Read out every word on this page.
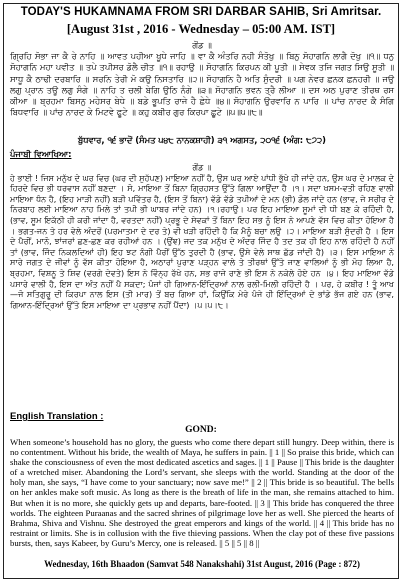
TODAY'S HUKAMNAMA FROM SRI DARBAR SAHIB, Sri Amritsar.
[August 31st , 2016 - Wednesday – 05:00 AM. IST]
ਗੋਂਡ ॥
ਗ੍ਰਿਹਿ ਸੋਭਾ ਜਾ ਕੈ ਰੇ ਨਾਹਿ ॥ ਆਵਤ ਪਹੀਆ ਖੂਧੇ ਜਾਹਿ ॥ ਵਾ ਕੈ ਅੰਤਰਿ ਨਹੀ ਸੰਤੋਖੁ ॥ ਬਿਨੁ ਸੋਹਾਗਨਿ ਲਾਗੈ ਦੋਖੁ ॥੧॥ ਧਨੁ ਸੋਹਾਗਨਿ ਮਹਾ ਪਵੀਤ ॥ ਤਪੇ ਤਪੀਸਰ ਡੋਲੈ ਚੀਤ ॥੧॥ ਰਹਾਉ ॥ ਸੋਹਾਗਨਿ ਕਿਰਪਨ ਕੀ ਪੂਤੀ ॥ ਸੇਵਕ ਤਜਿ ਜਗਤ ਸਿਉ ਸੂਤੀ ॥ ਸਾਧੂ ਕੈ ਠਾਢੀ ਦਰਬਾਰਿ ॥ ਸਰਨਿ ਤੇਰੀ ਮੋ ਕਉ ਨਿਸਤਾਰਿ ॥੨॥ ਸੋਹਾਗਨਿ ਹੈ ਅਤਿ ਸੁੰਦਰੀ ॥ ਪਗ ਨੇਵਰ ਛਨਕ ਛਨਹਰੀ ॥ ਜਉ ਲਗੁ ਪ੍ਰਾਨ ਤਊ ਲਗੁ ਸੰਗੇ ॥ ਨਾਹਿ ਤ ਚਲੀ ਬੇਗਿ ਉਠਿ ਨੰਗੇ ॥੩॥ ਸੋਹਾਗਨਿ ਭਵਨ ਤ੍ਰੈ ਲੀਆ ॥ ਦਸ ਅਠ ਪੁਰਾਣ ਤੀਰਥ ਰਸ ਕੀਆ ॥ ਬ੍ਰਹਮਾ ਬਿਸਨੁ ਮਹੇਸਰ ਬੇਧੇ ॥ ਬਡੇ ਭੂਪਤਿ ਰਾਜੇ ਹੈ ਛੇਧੇ ॥੪॥ ਸੋਹਾਗਨਿ ਉਰਵਾਰਿ ਨ ਪਾਰਿ ॥ ਪਾਂਚ ਨਾਰਦ ਕੈ ਸੰਗਿ ਬਿਧਵਾਰਿ ॥ ਪਾਂਚ ਨਾਰਦ ਕੇ ਮਿਟਵੇ ਫੂਟੇ ॥ ਕਹੁ ਕਬੀਰ ਗੁਰ ਕਿਰਪਾ ਛੂਟੇ ॥੫॥੫॥੮॥
ਬੁੱਧਵਾਰ, ੧੬ ਭਾਦੋਂ (ਸੰਮਤ ੫੪੮ ਨਾਨਕਸ਼ਾਹੀ) ੩੧ ਅਗਸਤ, ੨੦੧੬ (ਅੰਗ: ੮੭੨)
ਪੰਜਾਬੀ ਵਿਆਖਿਆ:
ਗੋਂਡ ॥
ਹੇ ਭਾਈ ! ਜਿਸ ਮਨੁੱਖ ਦੇ ਘਰ ਵਿਚ (ਘਰ ਦੀ ਸੁਹੱਪਣ) ਮਾਇਆ ਨਹੀਂ ਹੈ, ਉਸ ਘਰ ਆਏ ਪਾਂਧੀ ਭੁੱਖੇ ਹੀ ਜਾਂਦੇ ਹਨ, ਉਸ ਘਰ ਦੇ ਮਾਲਕ ਦੇ ਹਿਰਦੇ ਵਿਚ ਭੀ ਧਰਵਾਸ ਨਹੀਂ ਬਣਦਾ । ਸੋ, ਮਾਇਆ ਤੋਂ ਬਿਨਾ ਗ੍ਰਿਹਸਤ ਉੱਤੇ ਗਿਲਾ ਆਉਂਦਾ ਹੈ ।੧। ਸਦਾ ਖਸਮ-ਵਤੀ ਰਹਿਣ ਵਾਲੀ ਮਾਇਆ ਧੰਨ ਹੈ, (ਇਹ ਮਾੜੀ ਨਹੀਂ) ਬੜੀ ਪਵਿੱਤਰ ਹੈ, (ਇਸ ਤੋਂ ਬਿਨਾ) ਵੱਡੇ ਵੱਡੇ ਤਪੀਆਂ ਦੇ ਮਨ (ਭੀ) ਡੋਲ ਜਾਂਦੇ ਹਨ (ਭਾਵ, ਜੇ ਸਰੀਰ ਦੇ ਨਿਰਬਾਹ ਲਈ ਮਾਇਆ ਨਾਹ ਮਿਲੇ ਤਾਂ ਤਪੀ ਭੀ ਘਾਬਰ ਜਾਂਦੇ ਹਨ) ।੧।ਰਹਾਉ। ਪਰ ਇਹ ਮਾਇਆ ਸੂਮਾਂ ਦੀ ਧੀ ਬਣ ਕੇ ਰਹਿੰਦੀ ਹੈ, (ਭਾਵ, ਸੂਮ ਇਕੱਠੀ ਹੀ ਕਰੀ ਜਾਂਦਾ ਹੈ, ਵਰਤਦਾ ਨਹੀਂ) ਪ੍ਰਭੂ ਦੇ ਸੇਵਕਾਂ ਤੋਂ ਬਿਨਾ ਇਹ ਸਭ ਨੂੰ ਇਸ ਨੇ ਆਪਣੇ ਵੱਸ ਵਿਚ ਕੀਤਾ ਹੋਇਆ ਹੈ । ਭਗਤ-ਜਨ ਤੇ ਹਰ ਵੇਲੇ ਅੰਦਰੋਂ (ਪਰਮਾਤਮਾ ਦੇ ਦਰ ਤੇ) ਵੀ ਖੜੀ ਰਹਿੰਦੀ ਹੈ ਕਿ ਮੈਨੂੰ ਬਚਾ ਲਉ ।੨। ਮਾਇਆ ਬੜੀ ਸੁੰਦਰੀ ਹੈ । ਇਸ ਦੇ ਪੈਰੀਂ, ਮਾਨੋ, ਝਾਂਜਰਾਂ ਛਣ-ਛਣ ਕਰ ਰਹੀਆਂ ਹਨ । (ਉਂਞ) ਜਦ ਤਕ ਮਨੁੱਖ ਦੇ ਅੰਦਰ ਜਿੰਦ ਹੈ ਤਦ ਤਕ ਹੀ ਇਹ ਨਾਲ ਰਹਿੰਦੀ ਹੈ ਨਹੀਂ ਤਾਂ (ਭਾਵ, ਜਿੰਦ ਨਿਕਲਦਿਆਂ ਹੀ) ਇਹ ਝਟ ਨੰਗੀ ਪੈਰੀਂ ਉੱਠ ਤੁਰਦੀ ਹੈ (ਭਾਵ, ਉਸੇ ਵੇਲੇ ਸਾਥ ਛੱਡ ਜਾਂਦੀ ਹੈ) ।੩। ਇਸ ਮਾਇਆ ਨੇ ਸਾਰੇ ਜਗਤ ਦੇ ਜੀਵਾਂ ਨੂੰ ਵੱਸ ਕੀਤਾ ਹੋਇਆ ਹੈ, ਅਠਾਰਾਂ ਪੁਰਾਣ ਪੜ੍ਹਨ ਵਾਲੇ ਤੇ ਤੀਰਥਾਂ ਉੱਤੇ ਜਾਣ ਵਾਲਿਆਂ ਨੂੰ ਭੀ ਮੋਹ ਲਿਆ ਹੈ, ਬ੍ਰਹਮਾ, ਵਿਸ਼ਨੂ ਤੇ ਸ਼ਿਵ (ਵਰਗੇ ਦੇਵਤੇ) ਇਸ ਨੇ ਵਿੰਨ੍ਹ ਰੱਖੇ ਹਨ, ਸਭ ਰਾਜੇ ਰਾਣੇ ਭੀ ਇਸ ਨੇ ਨਕੇਲੇ ਹੋਏ ਹਨ ।੪। ਇਹ ਮਾਇਆ ਵੱਡੇ ਪਸਾਰੇ ਵਾਲੀ ਹੈ, ਇਸ ਦਾ ਅੰਤ ਨਹੀਂ ਪੈ ਸਕਦਾ; ਪੰਜਾਂ ਹੀ ਗਿਆਨ-ਇੰਦ੍ਰਿਆਂ ਨਾਲ ਰਲੀ-ਮਿਲੀ ਰਹਿੰਦੀ ਹੈ । ਪਰ, ਹੇ ਕਬੀਰ ! ਤੂੰ ਆਖ—ਜੋ ਸਤਿਗੁਰੂ ਦੀ ਕਿਰਪਾ ਨਾਲ ਇਸ (ਤੀ ਮਾਰ) ਤੋਂ ਬਚ ਗਿਆ ਹਾਂ, ਕਿਉਂਕਿ ਮੇਰੇ ਪੰਜੇ ਹੀ ਇੰਦ੍ਰਿਆਂ ਦੇ ਭਾਂਡੇ ਭੱਜ ਗਏ ਹਨ (ਭਾਵ, ਗਿਆਨ-ਇੰਦ੍ਰਿਆਂ ਉੱਤੇ ਇਸ ਮਾਇਆ ਦਾ ਪ੍ਰਭਾਵ ਨਹੀਂ ਪੈਂਦਾ) ।੫।੫।੮।
English Translation :
GOND:
When someone’s household has no glory, the guests who come there depart still hungry. Deep within, there is no contentment. Without his bride, the wealth of Maya, he suffers in pain. || 1 || So praise this bride, which can shake the consciousness of even the most dedicated ascetics and sages. || 1 || Pause || This bride is the daughter of a wretched miser. Abandoning the Lord’s servant, she sleeps with the world. Standing at the door of the holy man, she says, “I have come to your sanctuary; now save me!” || 2 || This bride is so beautiful. The bells on her ankles make soft music. As long as there is the breath of life in the man, she remains attached to him. But when it is no more, she quickly gets up and departs, bare-footed. || 3 || This bride has conquered the three worlds. The eighteen Puraanas and the sacred shrines of pilgrimage love her as well. She pierced the hearts of Brahma, Shiva and Vishnu. She destroyed the great emperors and kings of the world. || 4 || This bride has no restraint or limits. She is in collusion with the five thieving passions. When the clay pot of these five passions bursts, then, says Kabeer, by Guru’s Mercy, one is released. || 5 || 5 || 8 ||
Wednesday, 16th Bhaadon (Samvat 548 Nanakshahi) 31st August, 2016 (Page : 872)
